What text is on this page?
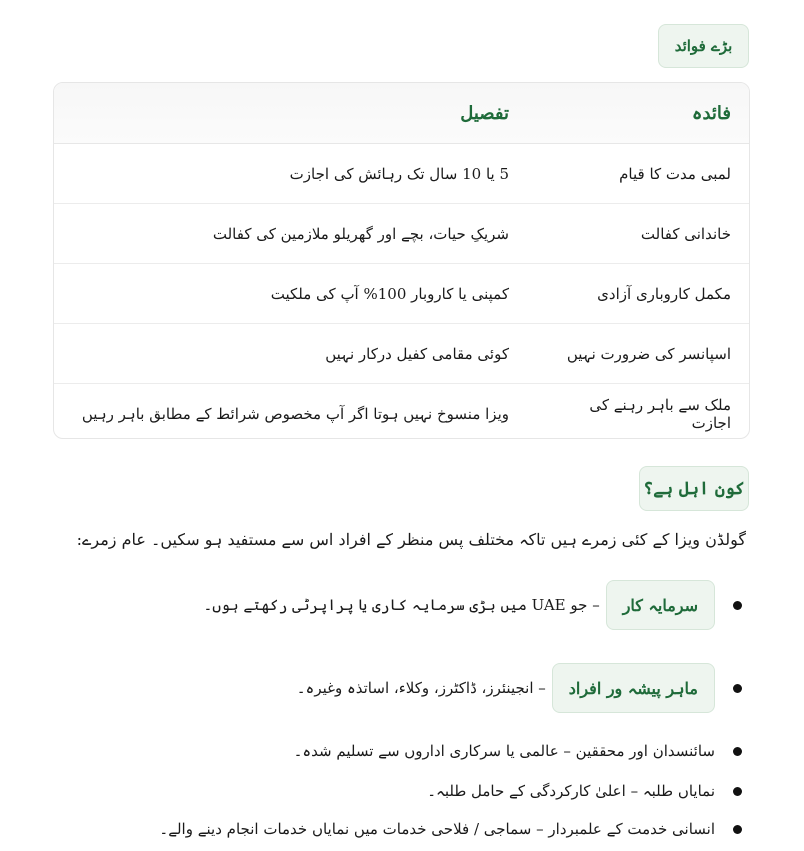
بڑے فوائد
فائدہ
تفصیل
لمبی مدت کا قیام
5 یا 10 سال تک رہائش کی اجازت
خاندانی کفالت
شریکِ حیات، بچے اور گھریلو ملازمین کی کفالت
مکمل کاروباری آزادی
کمپنی یا کاروبار 100% آپ کی ملکیت
اسپانسر کی ضرورت نہیں
کوئی مقامی کفیل درکار نہیں
ملک سے باہر رہنے کی اجازت
ویزا منسوخ نہیں ہوتا اگر آپ مخصوص شرائط کے مطابق باہر رہیں
کون اہل ہے؟
گولڈن ویزا کے کئی زمرے ہیں تاکہ مختلف پس منظر کے افراد اس سے مستفید ہو سکیں۔ عام زمرے:
سرمایہ کار
– جو UAE میں بڑی سرمایہ کاری یا پراپرٹی رکھتے ہوں۔
ماہر پیشہ ور افراد
– انجینئرز، ڈاکٹرز، وکلاء، اساتذہ وغیرہ۔
سائنسدان اور محققین – عالمی یا سرکاری اداروں سے تسلیم شدہ۔
نمایاں طلبہ – اعلیٰ کارکردگی کے حامل طلبہ۔
انسانی خدمت کے علمبردار – سماجی / فلاحی خدمات میں نمایاں خدمات انجام دینے والے۔
